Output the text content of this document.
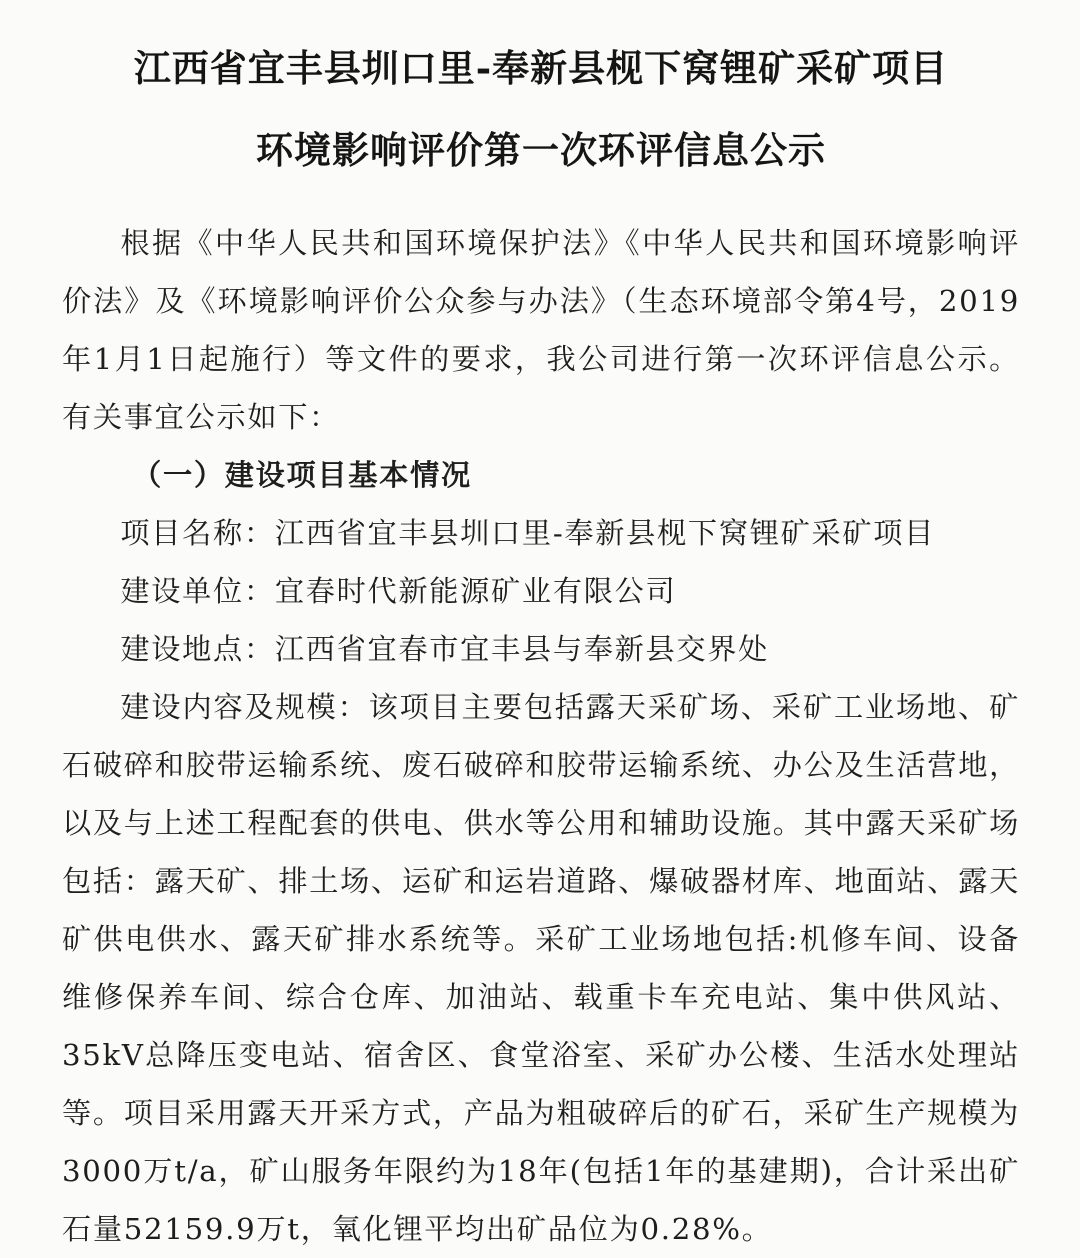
江西省宜丰县圳口里-奉新县枧下窝锂矿采矿项目
环境影响评价第一次环评信息公示

根据《中华人民共和国环境保护法》《中华人民共和国环境影响评价法》及《环境影响评价公众参与办法》（生态环境部令第4号，2019年1月1日起施行）等文件的要求，我公司进行第一次环评信息公示。有关事宜公示如下：

（一）建设项目基本情况

项目名称：江西省宜丰县圳口里-奉新县枧下窝锂矿采矿项目

建设单位：宜春时代新能源矿业有限公司

建设地点：江西省宜春市宜丰县与奉新县交界处

建设内容及规模：该项目主要包括露天采矿场、采矿工业场地、矿石破碎和胶带运输系统、废石破碎和胶带运输系统、办公及生活营地，以及与上述工程配套的供电、供水等公用和辅助设施。其中露天采矿场包括：露天矿、排土场、运矿和运岩道路、爆破器材库、地面站、露天矿供电供水、露天矿排水系统等。采矿工业场地包括:机修车间、设备维修保养车间、综合仓库、加油站、载重卡车充电站、集中供风站、35kV总降压变电站、宿舍区、食堂浴室、采矿办公楼、生活水处理站等。项目采用露天开采方式，产品为粗破碎后的矿石，采矿生产规模为3000万t/a，矿山服务年限约为18年(包括1年的基建期)，合计采出矿石量52159.9万t，氧化锂平均出矿品位为0.28%。
